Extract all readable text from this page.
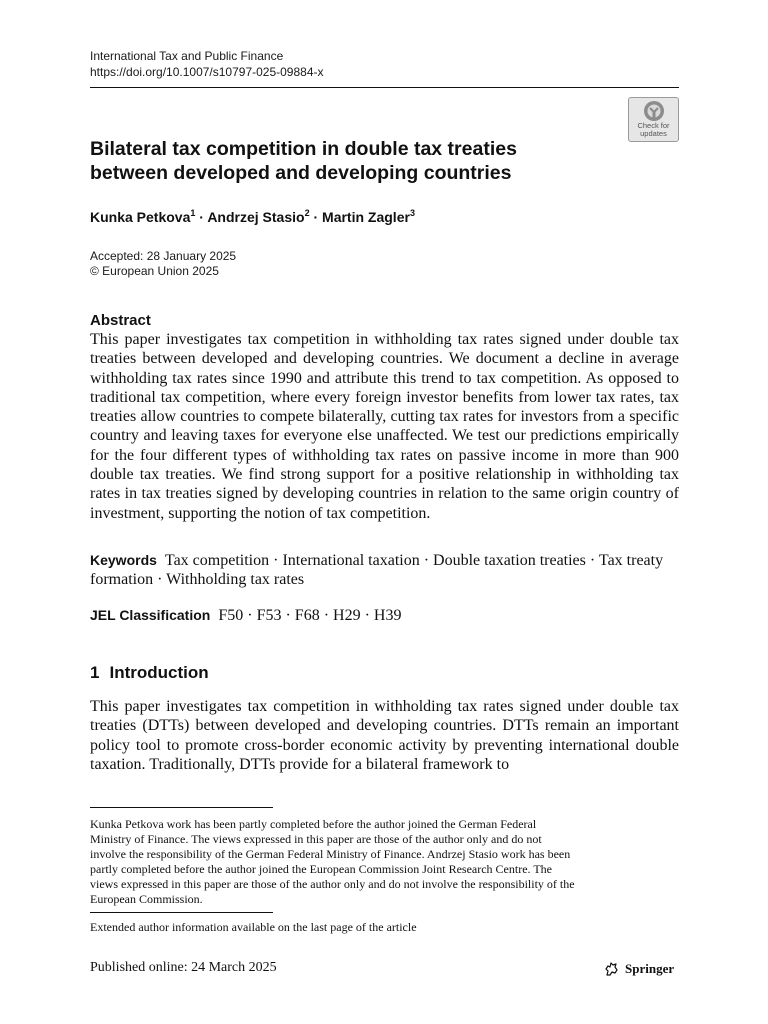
International Tax and Public Finance
https://doi.org/10.1007/s10797-025-09884-x
Check for
updates
Bilateral tax competition in double tax treaties
between developed and developing countries
Kunka Petkova$^1$ · Andrzej Stasio$^2$ · Martin Zagler$^3$
Accepted: 28 January 2025
© European Union 2025
Abstract
This paper investigates tax competition in withholding tax rates signed under double tax treaties between developed and developing countries. We document a decline in average withholding tax rates since 1990 and attribute this trend to tax competition. As opposed to traditional tax competition, where every foreign investor benefits from lower tax rates, tax treaties allow countries to compete bilaterally, cutting tax rates for investors from a specific country and leaving taxes for everyone else unaffected. We test our predictions empirically for the four different types of withholding tax rates on passive income in more than 900 double tax treaties. We find strong support for a positive relationship in withholding tax rates in tax treaties signed by developing countries in relation to the same origin country of investment, supporting the notion of tax competition.
Keywords Tax competition · International taxation · Double taxation treaties · Tax treaty formation · Withholding tax rates
JEL Classification F50 · F53 · F68 · H29 · H39
1 Introduction
This paper investigates tax competition in withholding tax rates signed under double tax treaties (DTTs) between developed and developing countries. DTTs remain an important policy tool to promote cross-border economic activity by preventing international double taxation. Traditionally, DTTs provide for a bilateral framework to
Kunka Petkova work has been partly completed before the author joined the German Federal
Ministry of Finance. The views expressed in this paper are those of the author only and do not
involve the responsibility of the German Federal Ministry of Finance. Andrzej Stasio work has been
partly completed before the author joined the European Commission Joint Research Centre. The
views expressed in this paper are those of the author only and do not involve the responsibility of the
European Commission.
Extended author information available on the last page of the article
Published online: 24 March 2025	Springer
